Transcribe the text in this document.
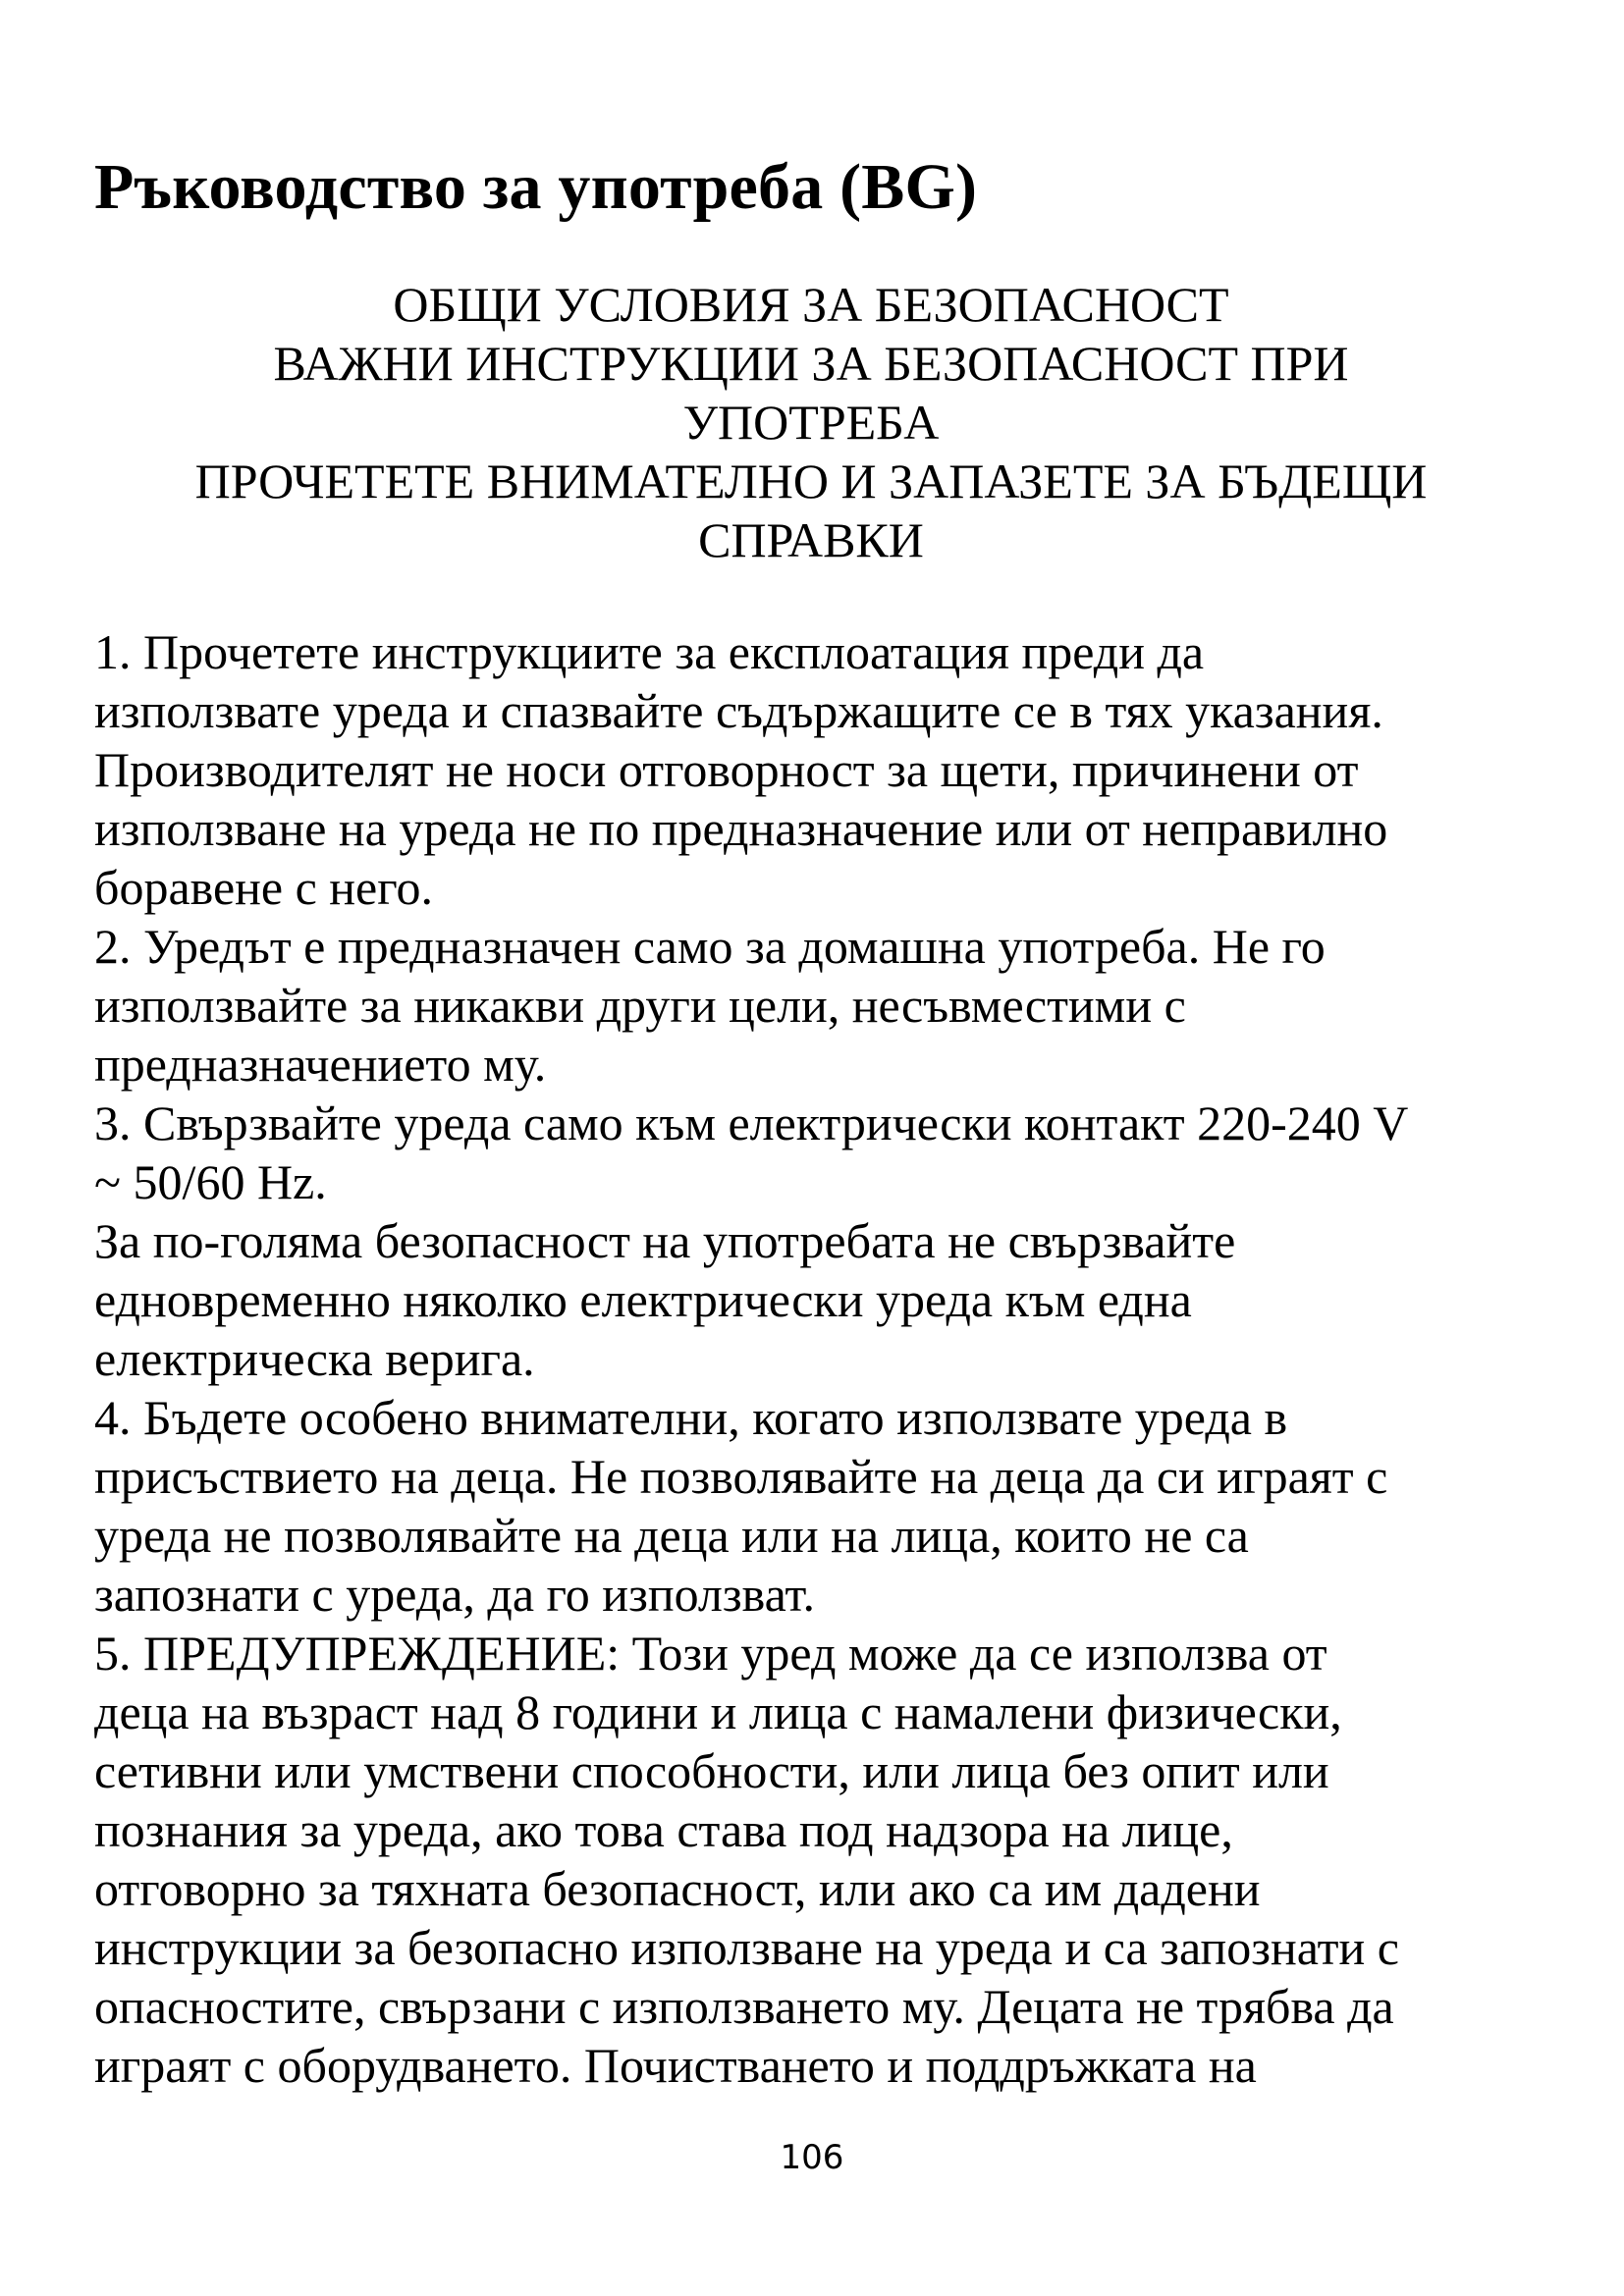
Ръководство за употреба (BG)
ОБЩИ УСЛОВИЯ ЗА БЕЗОПАСНОСТ
ВАЖНИ ИНСТРУКЦИИ ЗА БЕЗОПАСНОСТ ПРИ
УПОТРЕБА
ПРОЧЕТЕТЕ ВНИМАТЕЛНО И ЗАПАЗЕТЕ ЗА БЪДЕЩИ
СПРАВКИ
1. Прочетете инструкциите за експлоатация преди да
използвате уреда и спазвайте съдържащите се в тях указания.
Производителят не носи отговорност за щети, причинени от
използване на уреда не по предназначение или от неправилно
боравене с него.
2. Уредът е предназначен само за домашна употреба. Не го
използвайте за никакви други цели, несъвместими с
предназначението му.
3. Свързвайте уреда само към електрически контакт 220-240 V
~ 50/60 Hz.
За по-голяма безопасност на употребата не свързвайте
едновременно няколко електрически уреда към една
електрическа верига.
4. Бъдете особено внимателни, когато използвате уреда в
присъствието на деца. Не позволявайте на деца да си играят с
уреда не позволявайте на деца или на лица, които не са
запознати с уреда, да го използват.
5. ПРЕДУПРЕЖДЕНИЕ: Този уред може да се използва от
деца на възраст над 8 години и лица с намалени физически,
сетивни или умствени способности, или лица без опит или
познания за уреда, ако това става под надзора на лице,
отговорно за тяхната безопасност, или ако са им дадени
инструкции за безопасно използване на уреда и са запознати с
опасностите, свързани с използването му. Децата не трябва да
играят с оборудването. Почистването и поддръжката на
106
